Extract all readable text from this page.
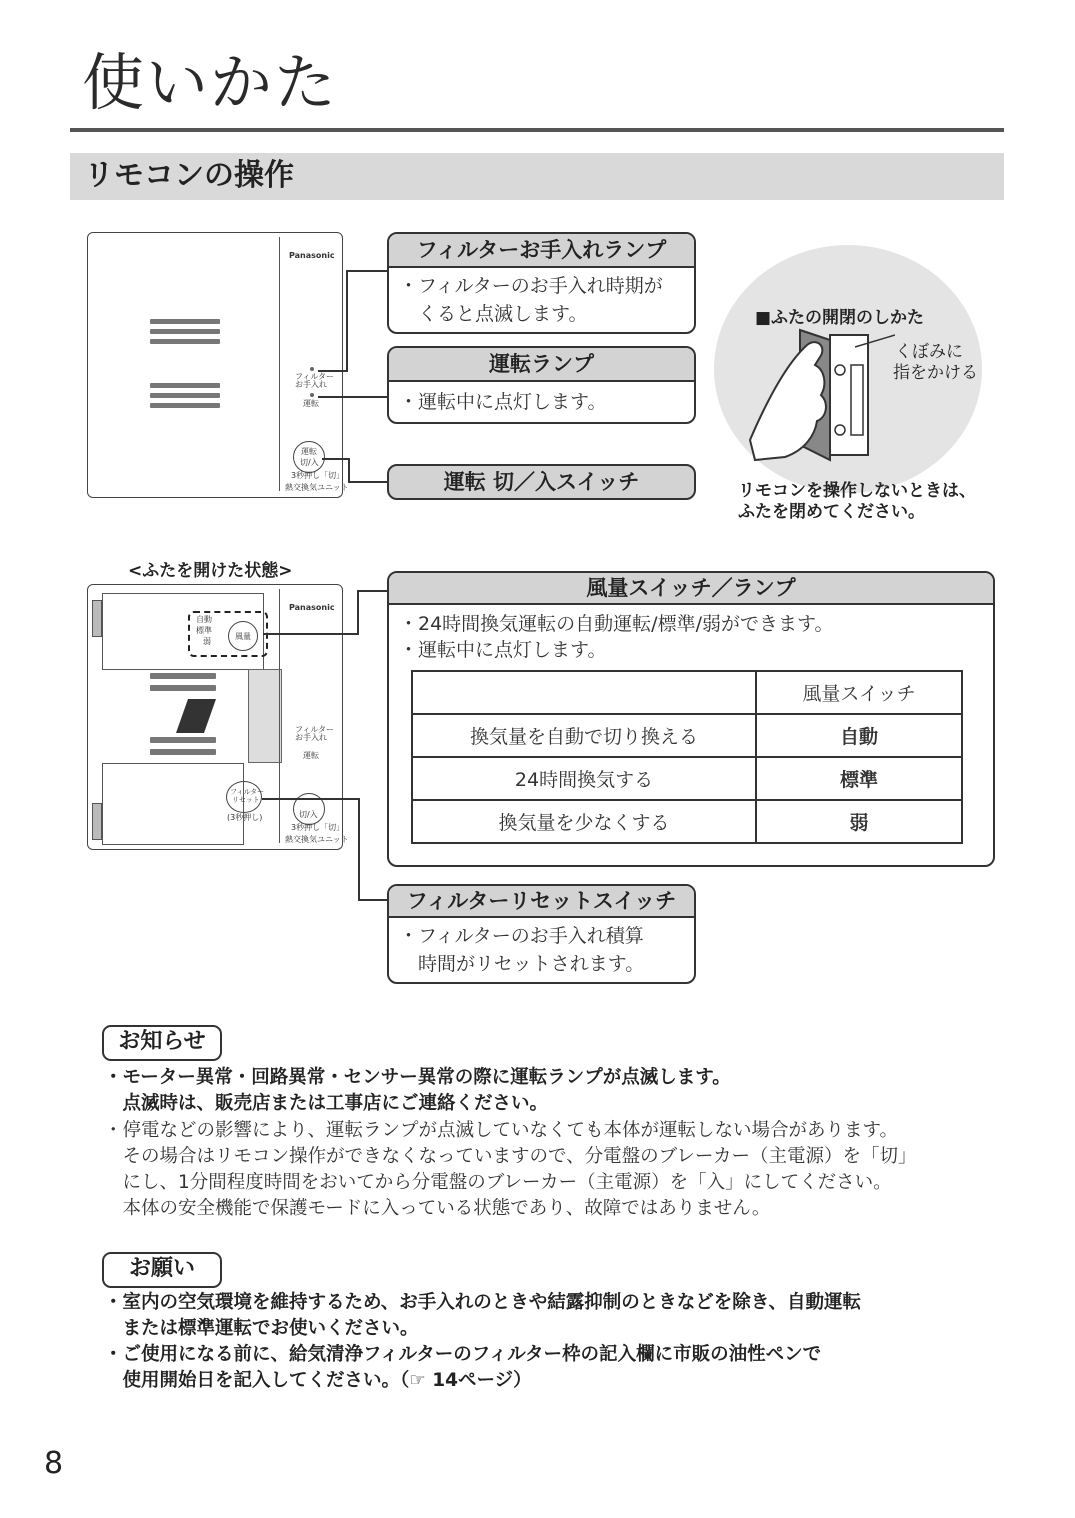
使いかた
リモコンの操作
Panasonic
フィルター
お手入れ
運転
運転
切/入
3秒押し「切」
熱交換気ユニット
フィルターお手入れランプ
・フィルターのお手入れ時期が
　くると点滅します。
運転ランプ
・運転中に点灯します。
運転 切／入スイッチ
■ふたの開閉のしかた
くぼみに
指をかける
リモコンを操作しないときは、
ふたを閉めてください。
<ふたを開けた状態>
自動
標準
弱
風量
フィルター
リセット
(3秒押し)
Panasonic
フィルター
お手入れ
運転
切/入
3秒押し「切」
熱交換気ユニット
風量スイッチ／ランプ
・24時間換気運転の自動運転/標準/弱ができます。
・運転中に点灯します。
	風量スイッチ
換気量を自動で切り換える	自動
24時間換気する	標準
換気量を少なくする	弱
フィルターリセットスイッチ
・フィルターのお手入れ積算
　時間がリセットされます。
お知らせ
・モーター異常・回路異常・センサー異常の際に運転ランプが点滅します。
　点滅時は、販売店または工事店にご連絡ください。
・停電などの影響により、運転ランプが点滅していなくても本体が運転しない場合があります。
　その場合はリモコン操作ができなくなっていますので、分電盤のブレーカー（主電源）を「切」
　にし、1分間程度時間をおいてから分電盤のブレーカー（主電源）を「入」にしてください。
　本体の安全機能で保護モードに入っている状態であり、故障ではありません。
お願い
・室内の空気環境を維持するため、お手入れのときや結露抑制のときなどを除き、自動運転
　または標準運転でお使いください。
・ご使用になる前に、給気清浄フィルターのフィルター枠の記入欄に市販の油性ペンで
　使用開始日を記入してください。（☞ 14ページ）
8
